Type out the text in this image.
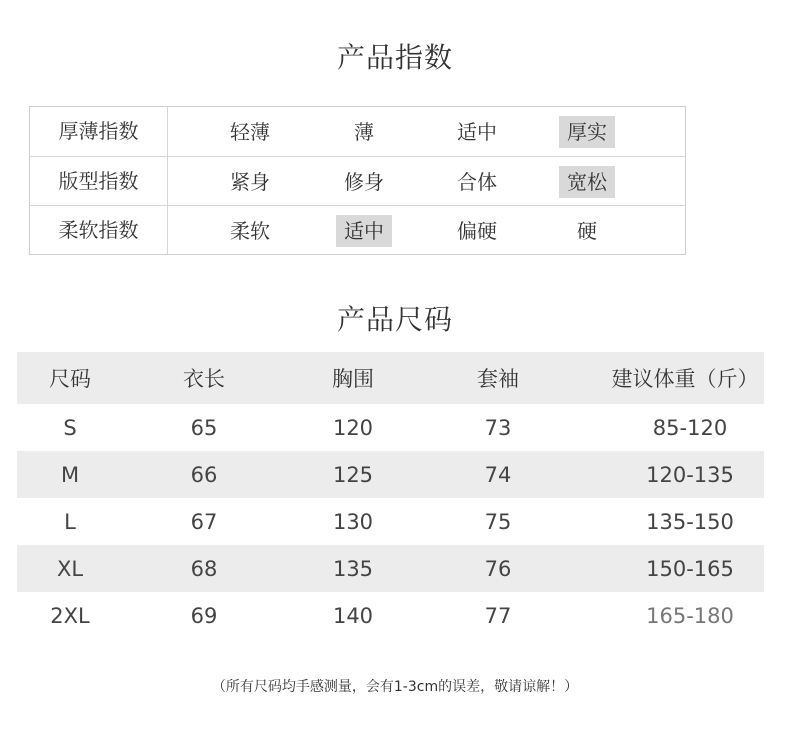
产品指数
厚薄指数	轻薄	薄	适中	厚实
版型指数	紧身	修身	合体	宽松
柔软指数	柔软	适中	偏硬	硬
产品尺码
尺码	衣长	胸围	套袖	建议体重（斤）
S	65	120	73	85-120
M	66	125	74	120-135
L	67	130	75	135-150
XL	68	135	76	150-165
2XL	69	140	77	165-180
（所有尺码均手感测量，会有1-3cm的误差，敬请谅解！）
